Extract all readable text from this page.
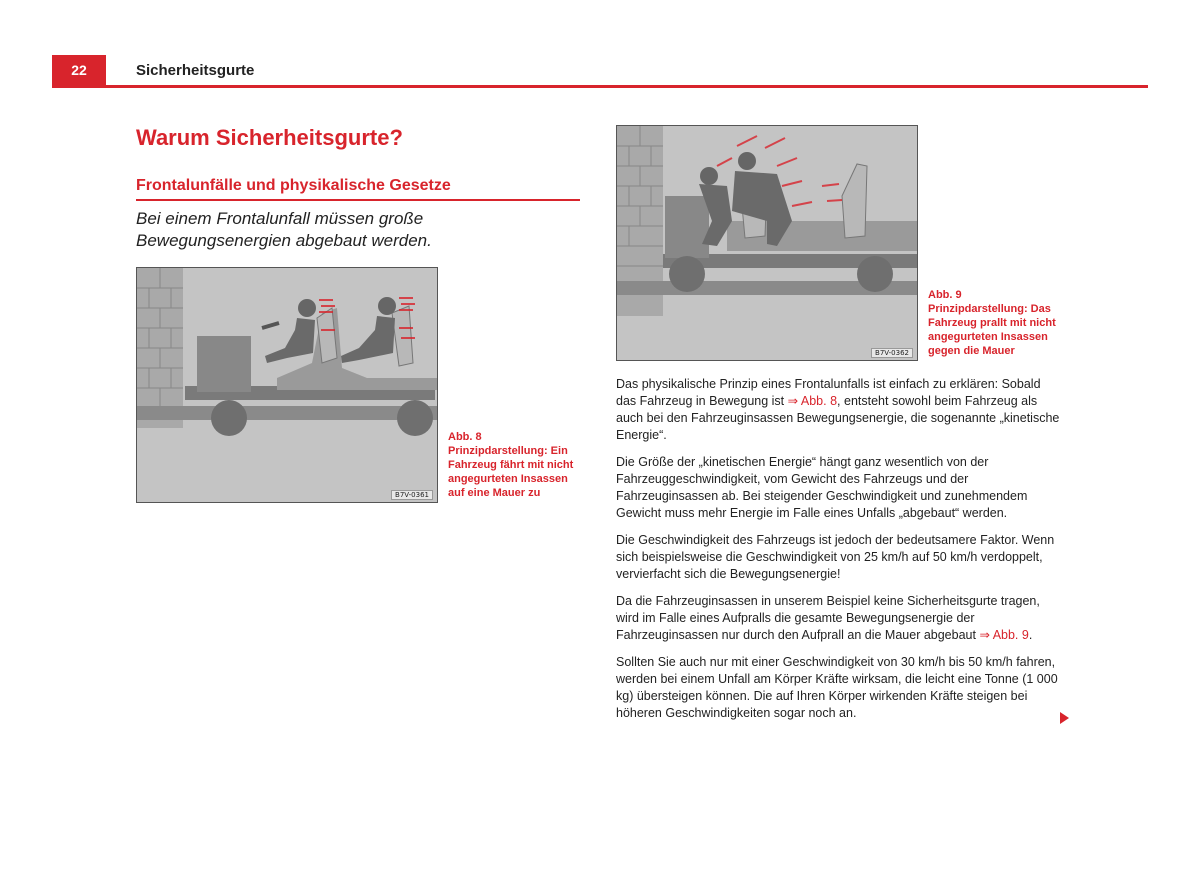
22	Sicherheitsgurte
Warum Sicherheitsgurte?
Frontalunfälle und physikalische Gesetze
Bei einem Frontalunfall müssen große Bewegungsenergien abgebaut werden.
B7V-0361
Abb. 8 Prinzipdarstellung: Ein Fahrzeug fährt mit nicht angegurteten Insassen auf eine Mauer zu
B7V-0362
Abb. 9 Prinzipdarstellung: Das Fahrzeug prallt mit nicht angegurteten Insassen gegen die Mauer

Das physikalische Prinzip eines Frontalunfalls ist einfach zu erklären: Sobald das Fahrzeug in Bewegung ist ⇒ Abb. 8, entsteht sowohl beim Fahrzeug als auch bei den Fahrzeuginsassen Bewegungsenergie, die sogenannte „kinetische Energie“.

Die Größe der „kinetischen Energie“ hängt ganz wesentlich von der Fahrzeuggeschwindigkeit, vom Gewicht des Fahrzeugs und der Fahrzeuginsassen ab. Bei steigender Geschwindigkeit und zunehmendem Gewicht muss mehr Energie im Falle eines Unfalls „abgebaut“ werden.

Die Geschwindigkeit des Fahrzeugs ist jedoch der bedeutsamere Faktor. Wenn sich beispielsweise die Geschwindigkeit von 25 km/h auf 50 km/h verdoppelt, vervierfacht sich die Bewegungsenergie!

Da die Fahrzeuginsassen in unserem Beispiel keine Sicherheitsgurte tragen, wird im Falle eines Aufpralls die gesamte Bewegungsenergie der Fahrzeuginsassen nur durch den Aufprall an die Mauer abgebaut ⇒ Abb. 9.

Sollten Sie auch nur mit einer Geschwindigkeit von 30 km/h bis 50 km/h fahren, werden bei einem Unfall am Körper Kräfte wirksam, die leicht eine Tonne (1 000 kg) übersteigen können. Die auf Ihren Körper wirkenden Kräfte steigen bei höheren Geschwindigkeiten sogar noch an.
